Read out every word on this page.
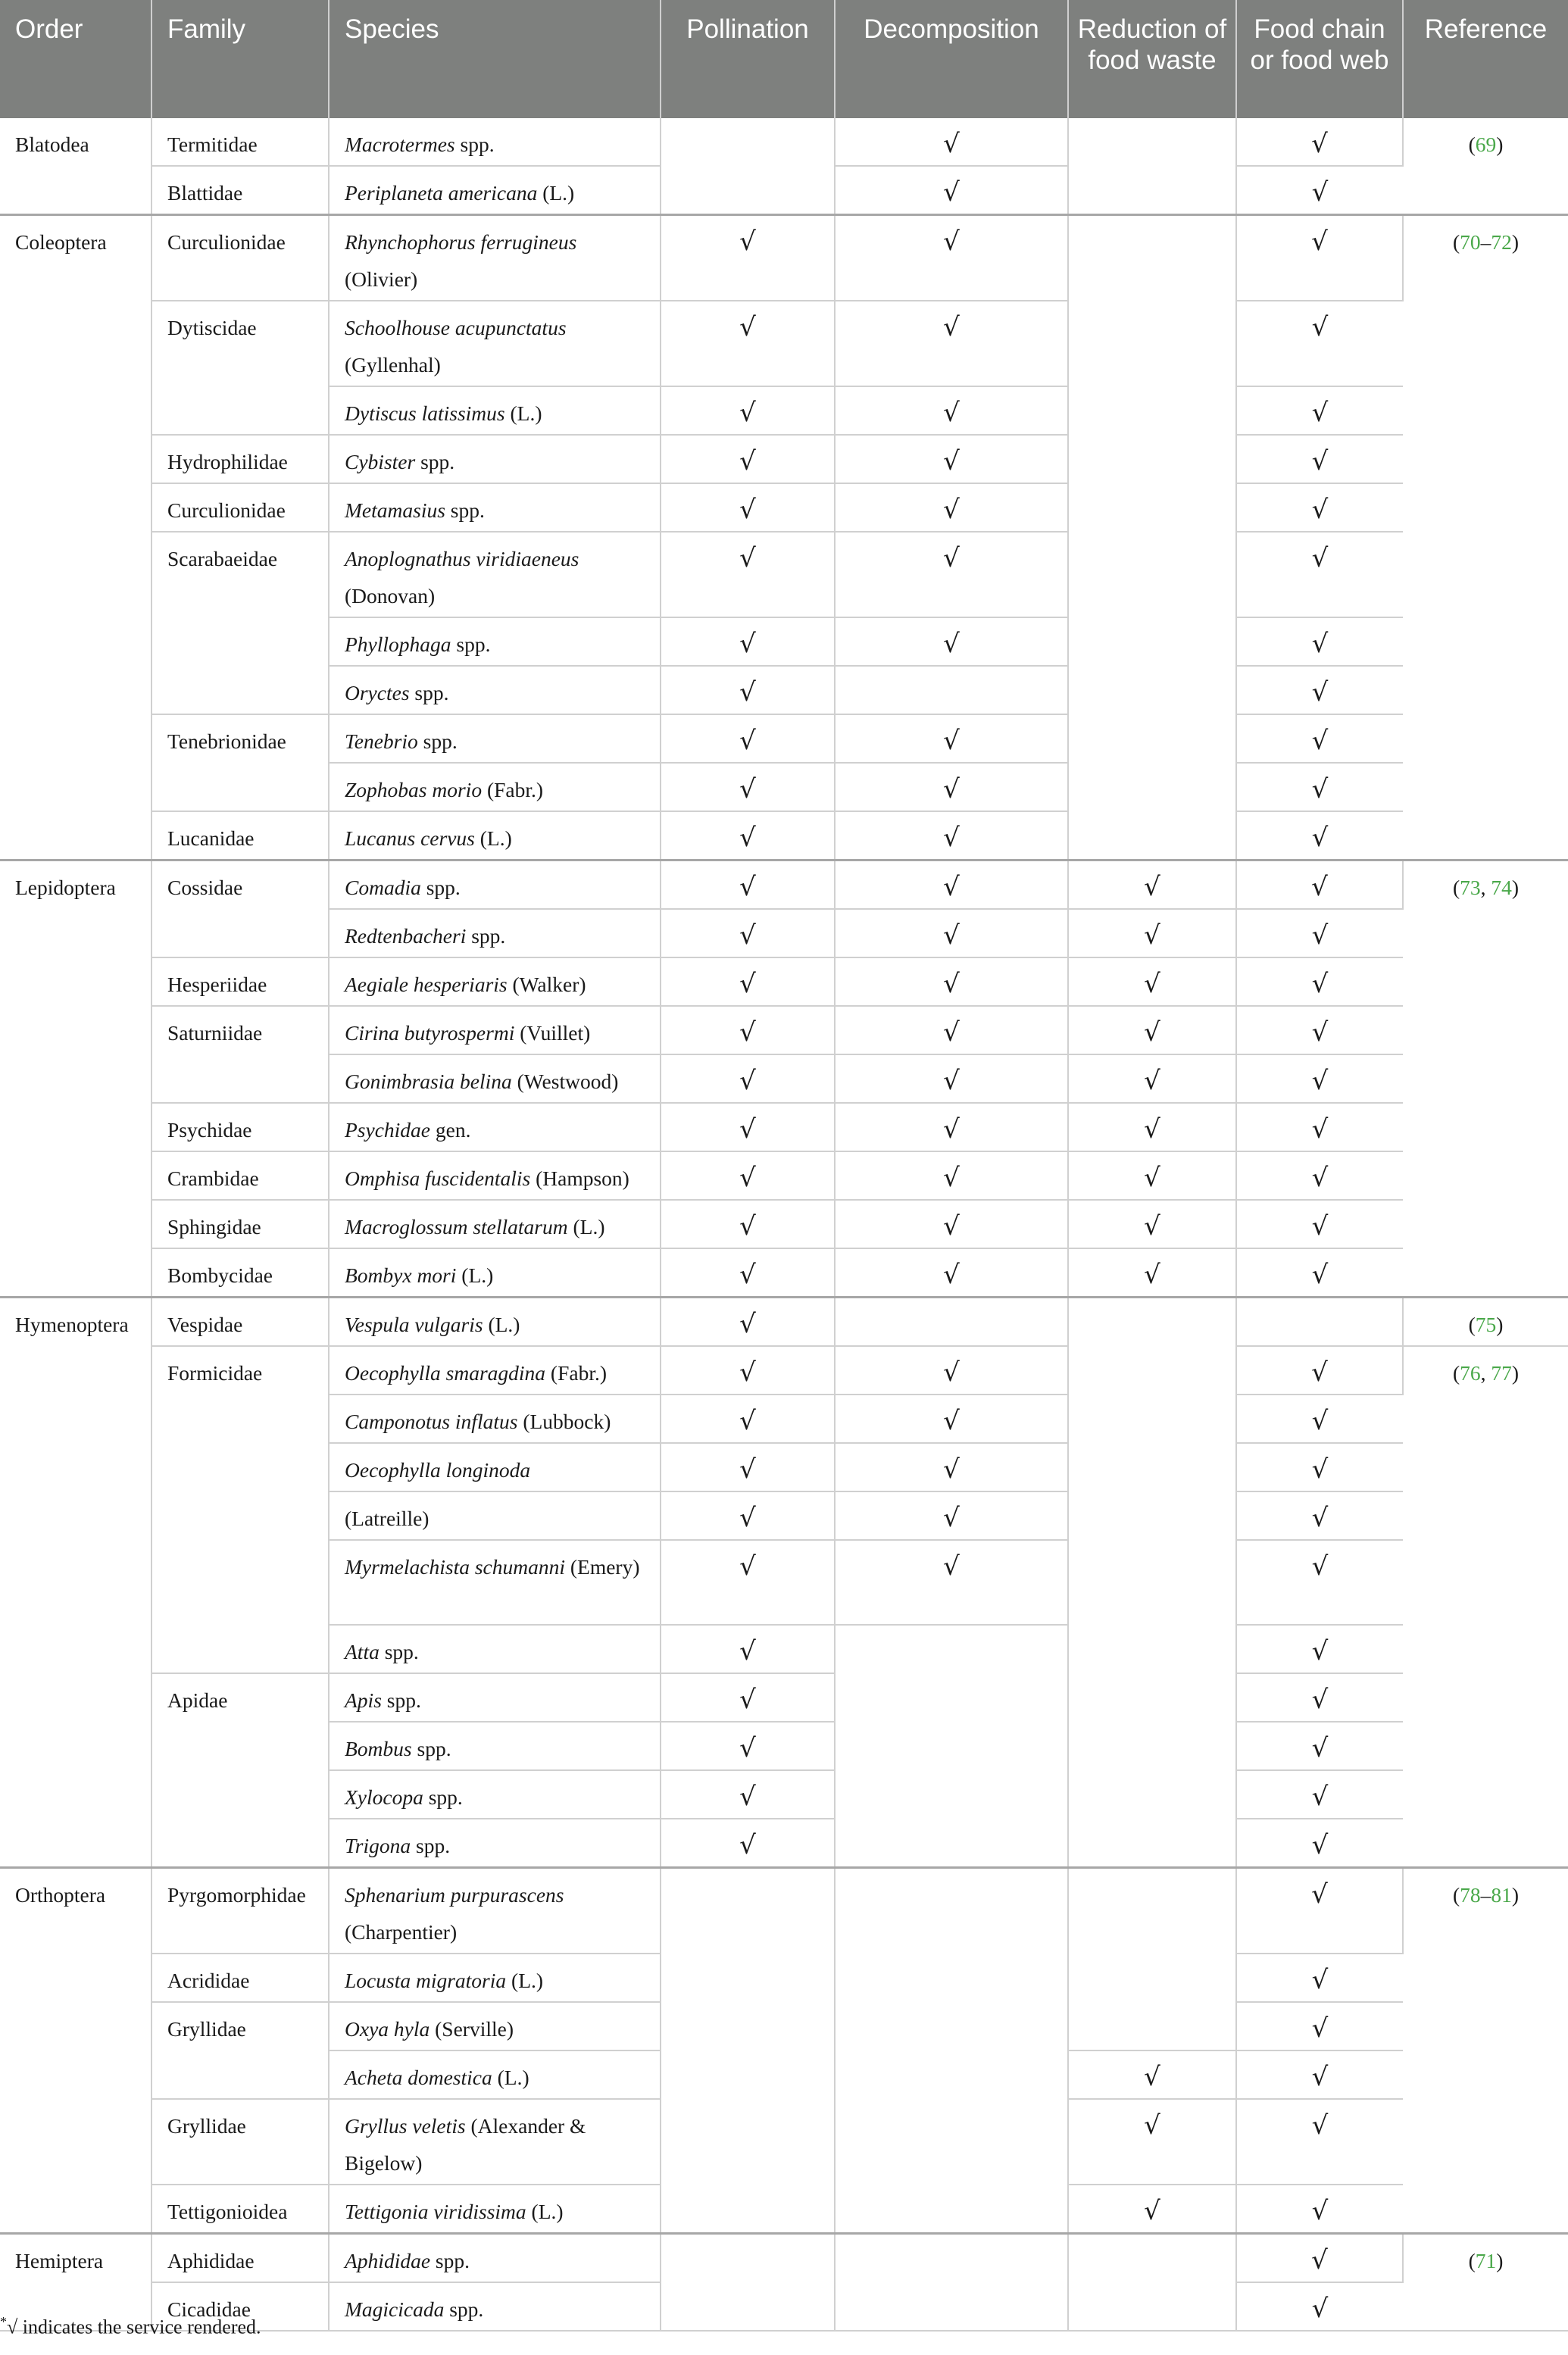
Order	Family	Species	Pollination	Decomposition	Reduction of food waste	Food chain or food web	Reference
Blatodea	Termitidae	Macrotermes spp.		√		√	(69)
	Blattidae	Periplaneta americana (L.)		√		√	
Coleoptera	Curculionidae	Rhynchophorus ferrugineus (Olivier)	√	√		√	(70–72)
	Dytiscidae	Schoolhouse acupunctatus (Gyllenhal)	√	√		√	
		Dytiscus latissimus (L.)	√	√		√	
	Hydrophilidae	Cybister spp.	√	√		√	
	Curculionidae	Metamasius spp.	√	√		√	
	Scarabaeidae	Anoplognathus viridiaeneus (Donovan)	√	√		√	
		Phyllophaga spp.	√	√		√	
		Oryctes spp.	√			√	
	Tenebrionidae	Tenebrio spp.	√	√		√	
		Zophobas morio (Fabr.)	√	√		√	
	Lucanidae	Lucanus cervus (L.)	√	√		√	
Lepidoptera	Cossidae	Comadia spp.	√	√	√	√	(73, 74)
		Redtenbacheri spp.	√	√	√	√	
	Hesperiidae	Aegiale hesperiaris (Walker)	√	√	√	√	
	Saturniidae	Cirina butyrospermi (Vuillet)	√	√	√	√	
		Gonimbrasia belina (Westwood)	√	√	√	√	
	Psychidae	Psychidae gen.	√	√	√	√	
	Crambidae	Omphisa fuscidentalis (Hampson)	√	√	√	√	
	Sphingidae	Macroglossum stellatarum (L.)	√	√	√	√	
	Bombycidae	Bombyx mori (L.)	√	√	√	√	
Hymenoptera	Vespidae	Vespula vulgaris (L.)	√				(75)
	Formicidae	Oecophylla smaragdina (Fabr.)	√	√		√	(76, 77)
		Camponotus inflatus (Lubbock)	√	√		√	
		Oecophylla longinoda	√	√		√	
		(Latreille)	√	√		√	
		Myrmelachista schumanni (Emery)	√	√		√	
		Atta spp.	√			√	
	Apidae	Apis spp.	√			√	
		Bombus spp.	√			√	
		Xylocopa spp.	√			√	
		Trigona spp.	√			√	
Orthoptera	Pyrgomorphidae	Sphenarium purpurascens (Charpentier)				√	(78–81)
	Acrididae	Locusta migratoria (L.)				√	
	Gryllidae	Oxya hyla (Serville)				√	
		Acheta domestica (L.)			√	√	
	Gryllidae	Gryllus veletis (Alexander & Bigelow)			√	√	
	Tettigonioidea	Tettigonia viridissima (L.)			√	√	
Hemiptera	Aphididae	Aphididae spp.				√	(71)
	Cicadidae	Magicicada spp.				√	
*√ indicates the service rendered.
